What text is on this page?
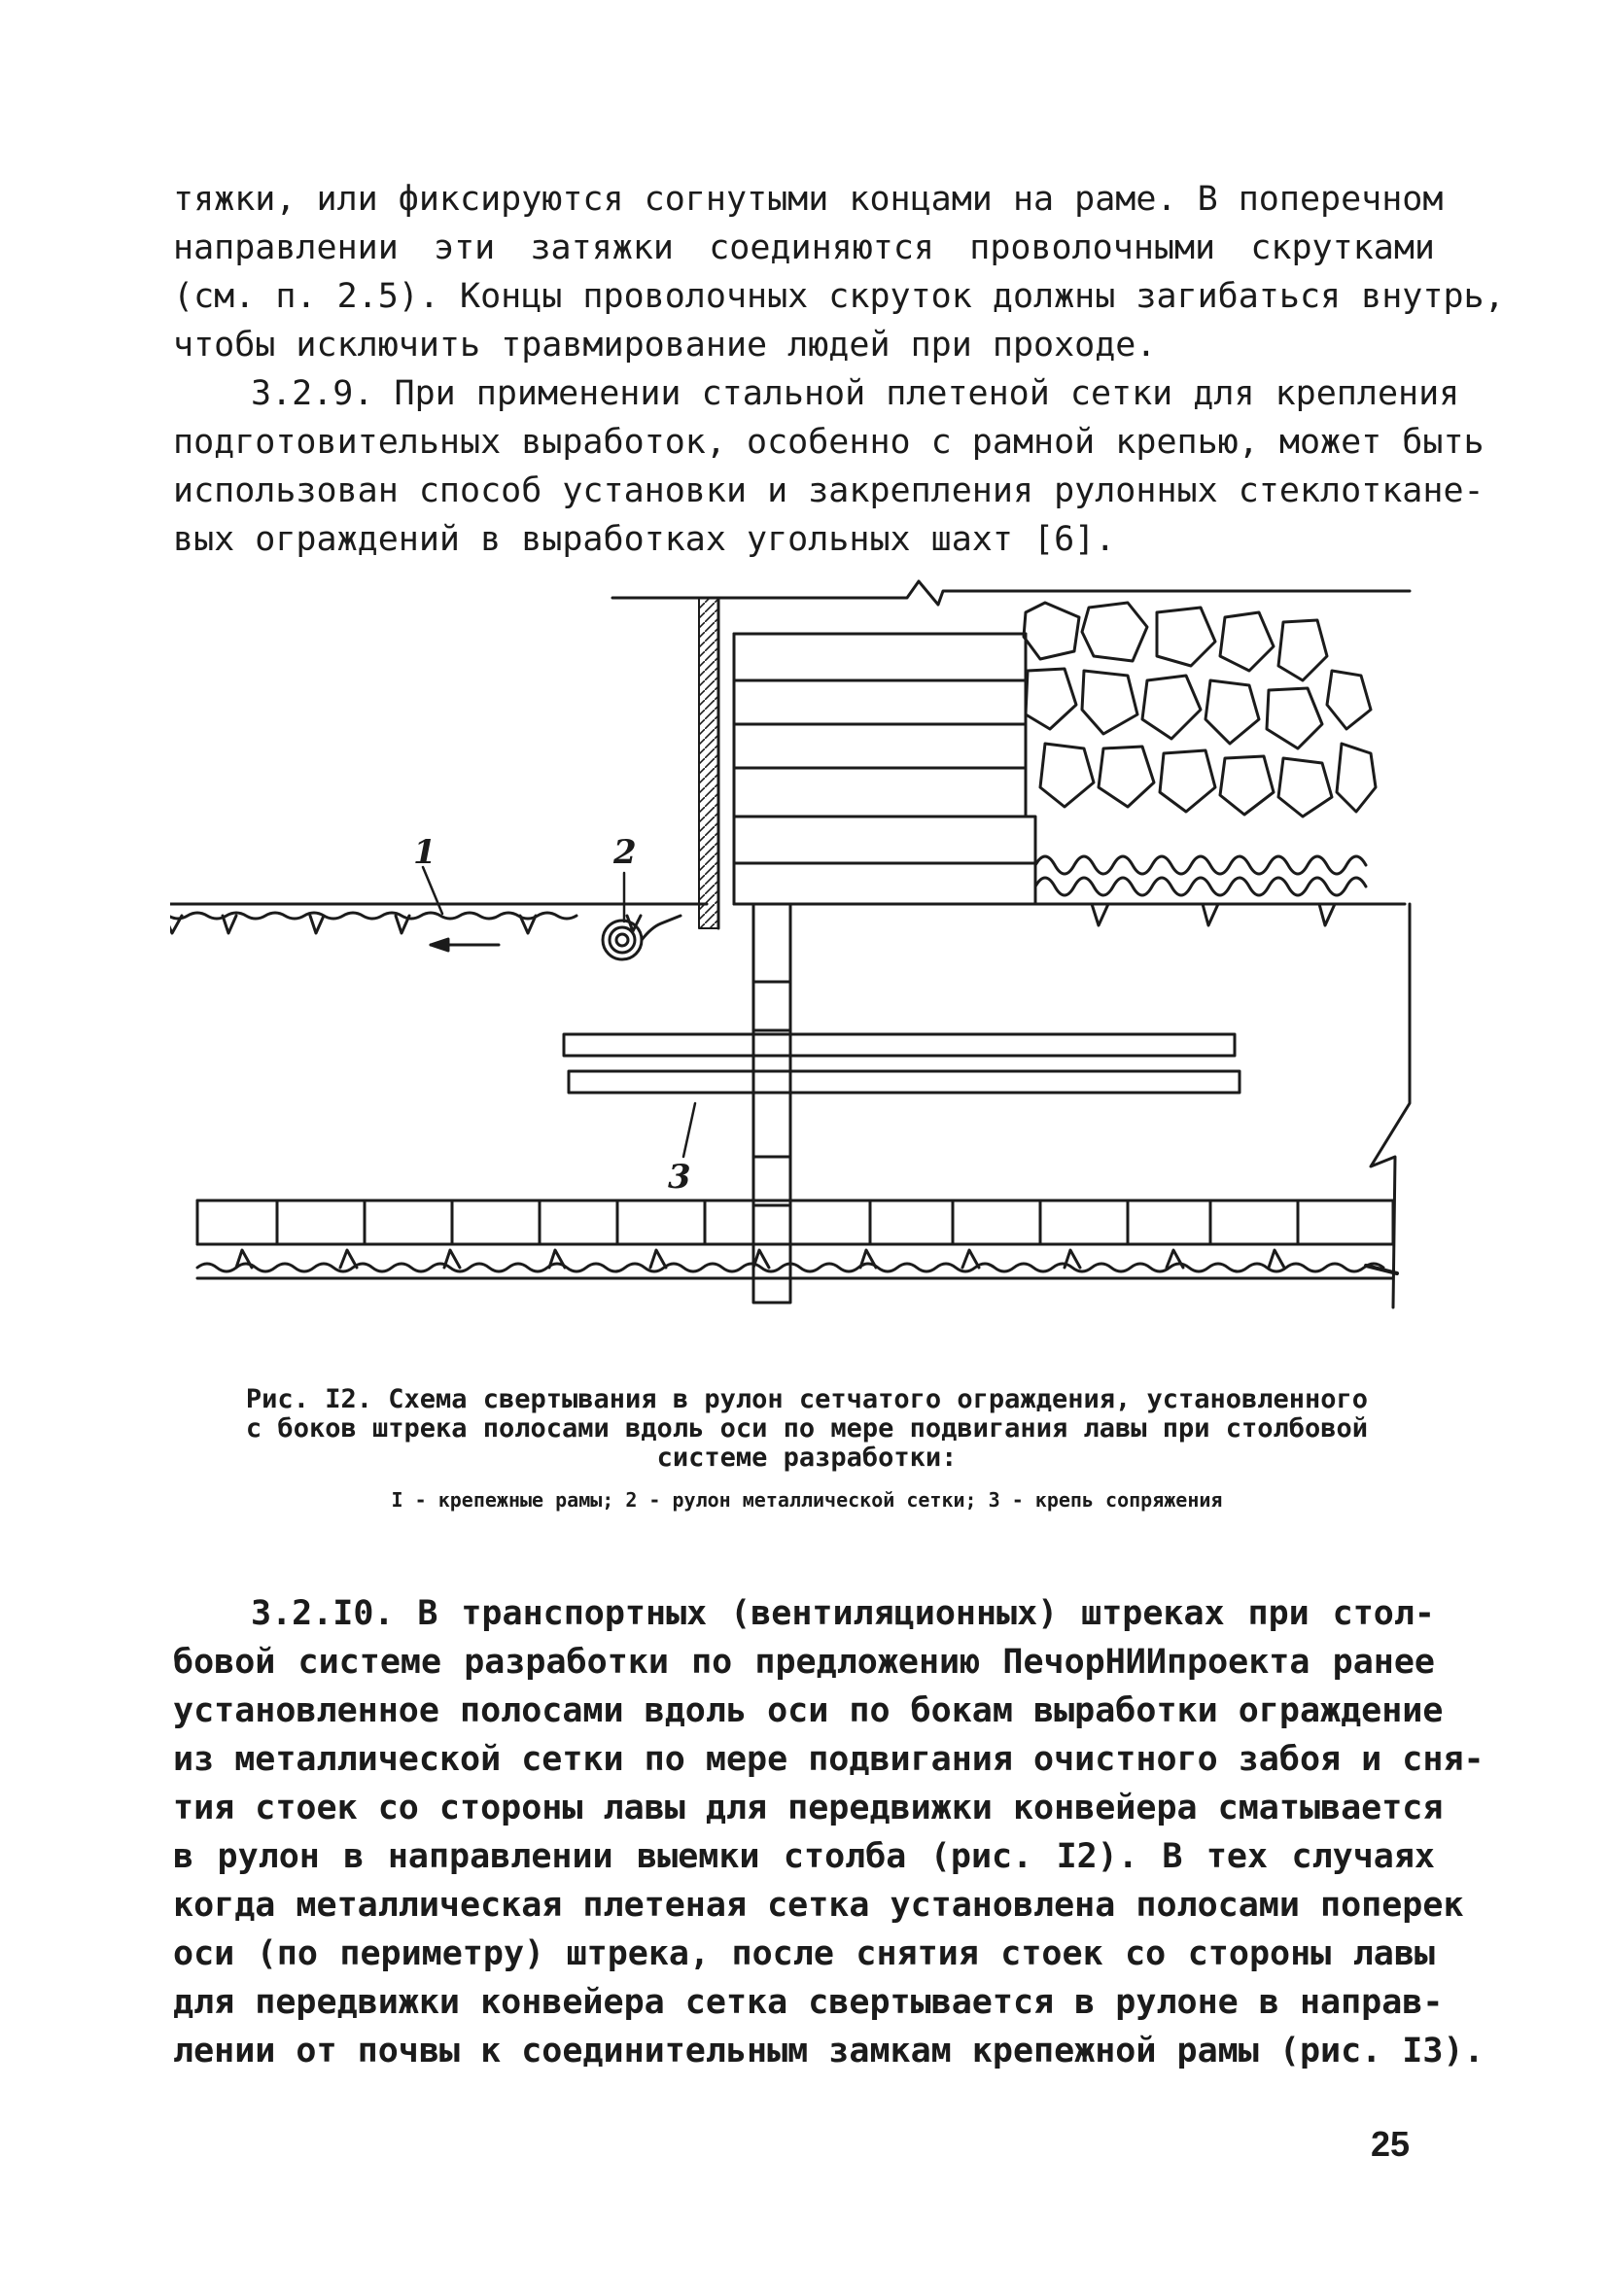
тяжки, или фиксируются согнутыми концами на раме. В поперечном
направлении эти затяжки соединяются проволочными скрутками
(см. п. 2.5). Концы проволочных скруток должны загибаться внутрь,
чтобы исключить травмирование людей при проходе.
3.2.9. При применении стальной плетеной сетки для крепления
подготовительных выработок, особенно с рамной крепью, может быть
использован способ установки и закрепления рулонных стеклоткане-
вых ограждений в выработках угольных шахт [6].
1	2
3
Рис. I2. Схема свертывания в рулон сетчатого ограждения, установленного
с боков штрека полосами вдоль оси по мере подвигания лавы при столбовой
системе разработки:
I - крепежные рамы; 2 - рулон металлической сетки; 3 - крепь сопряжения
3.2.I0. В транспортных (вентиляционных) штреках при стол-
бовой системе разработки по предложению ПечорНИИпроекта ранее
установленное полосами вдоль оси по бокам выработки ограждение
из металлической сетки по мере подвигания очистного забоя и сня-
тия стоек со стороны лавы для передвижки конвейера сматывается
в рулон в направлении выемки столба (рис. I2). В тех случаях
когда металлическая плетеная сетка установлена полосами поперек
оси (по периметру) штрека, после снятия стоек со стороны лавы
для передвижки конвейера сетка свертывается в рулоне в направ-
лении от почвы к соединительным замкам крепежной рамы (рис. I3).
25
